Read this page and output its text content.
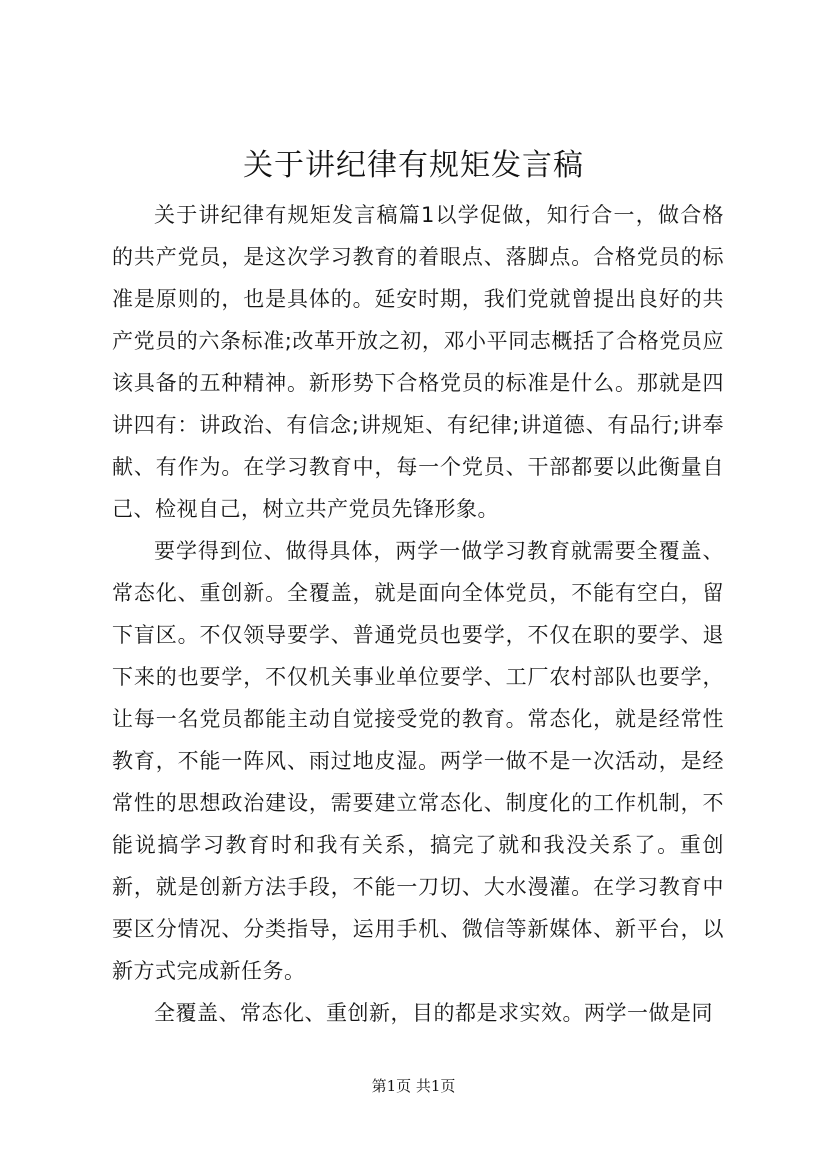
关于讲纪律有规矩发言稿

关于讲纪律有规矩发言稿篇1以学促做，知行合一，做合格的共产党员，是这次学习教育的着眼点、落脚点。合格党员的标准是原则的，也是具体的。延安时期，我们党就曾提出良好的共产党员的六条标准;改革开放之初，邓小平同志概括了合格党员应该具备的五种精神。新形势下合格党员的标准是什么。那就是四讲四有：讲政治、有信念;讲规矩、有纪律;讲道德、有品行;讲奉献、有作为。在学习教育中，每一个党员、干部都要以此衡量自己、检视自己，树立共产党员先锋形象。

要学得到位、做得具体，两学一做学习教育就需要全覆盖、常态化、重创新。全覆盖，就是面向全体党员，不能有空白，留下盲区。不仅领导要学、普通党员也要学，不仅在职的要学、退下来的也要学，不仅机关事业单位要学、工厂农村部队也要学，让每一名党员都能主动自觉接受党的教育。常态化，就是经常性教育，不能一阵风、雨过地皮湿。两学一做不是一次活动，是经常性的思想政治建设，需要建立常态化、制度化的工作机制，不能说搞学习教育时和我有关系，搞完了就和我没关系了。重创新，就是创新方法手段，不能一刀切、大水漫灌。在学习教育中要区分情况、分类指导，运用手机、微信等新媒体、新平台，以新方式完成新任务。

全覆盖、常态化、重创新，目的都是求实效。两学一做是同

第1页 共1页
